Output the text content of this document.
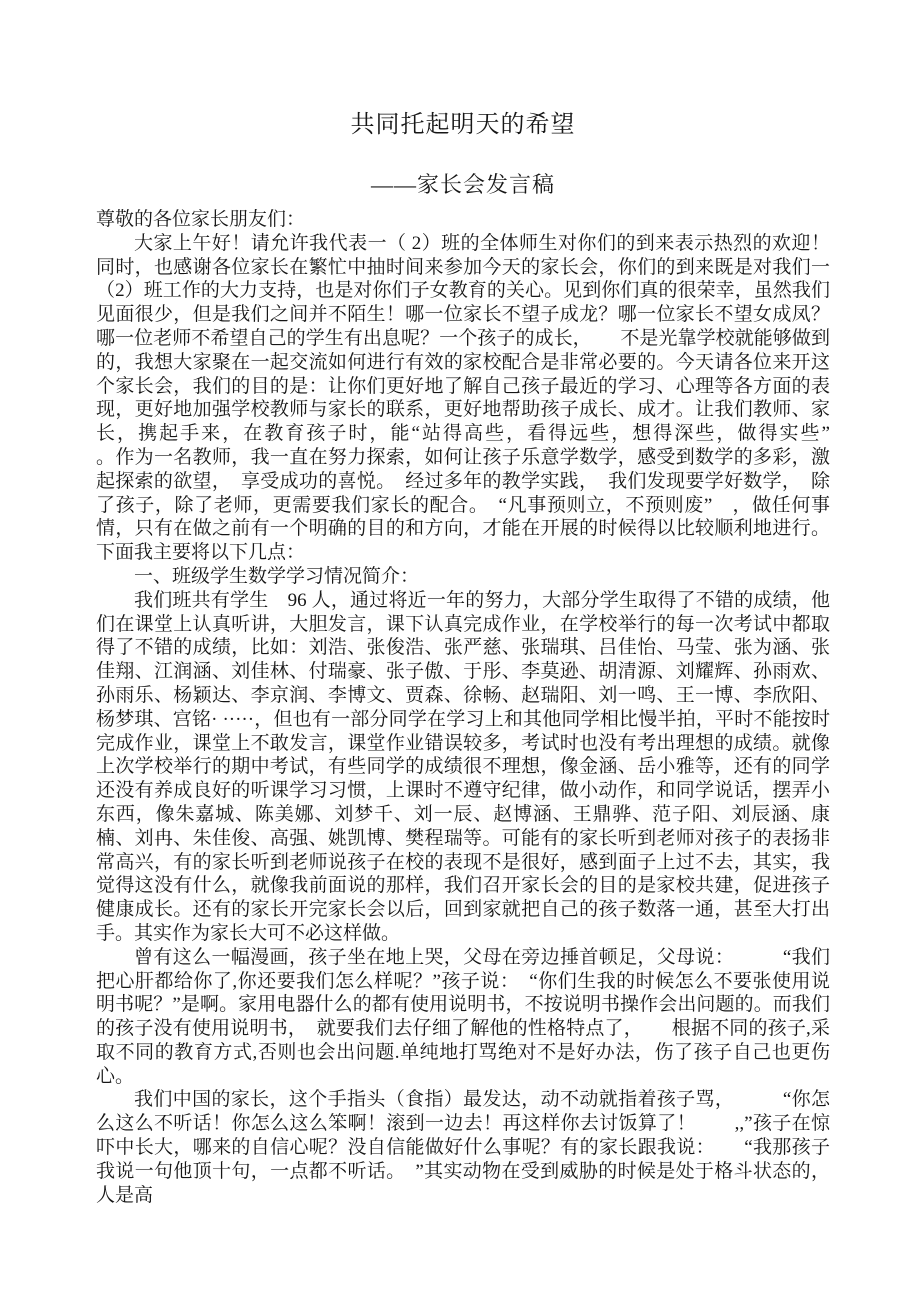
共同托起明天的希望
——家长会发言稿

尊敬的各位家长朋友们：

大家上午好！请允许我代表一（ 2）班的全体师生对你们的到来表示热烈的欢迎！同时，也感谢各位家长在繁忙中抽时间来参加今天的家长会，你们的到来既是对我们一（2）班工作的大力支持，也是对你们子女教育的关心。见到你们真的很荣幸，虽然我们见面很少，但是我们之间并不陌生！哪一位家长不望子成龙？哪一位家长不望女成凤？哪一位老师不希望自己的学生有出息呢？一个孩子的成长，　　不是光靠学校就能够做到的，我想大家聚在一起交流如何进行有效的家校配合是非常必要的。今天请各位来开这个家长会，我们的目的是：让你们更好地了解自己孩子最近的学习、心理等各方面的表现，更好地加强学校教师与家长的联系，更好地帮助孩子成长、成才。让我们教师、家长，携起手来，在教育孩子时，能“站得高些，看得远些，想得深些，做得实些”　　　。作为一名教师，我一直在努力探索，如何让孩子乐意学数学，感受到数学的多彩，激起探索的欲望，　享受成功的喜悦。　经过多年的教学实践，　我们发现要学好数学，　除了孩子，除了老师，更需要我们家长的配合。　“凡事预则立，不预则废”　，做任何事情，只有在做之前有一个明确的目的和方向，才能在开展的时候得以比较顺利地进行。下面我主要将以下几点：

一、班级学生数学学习情况简介：

我们班共有学生　96 人，通过将近一年的努力，大部分学生取得了不错的成绩，他们在课堂上认真听讲，大胆发言，课下认真完成作业，在学校举行的每一次考试中都取得了不错的成绩，比如：刘浩、张俊浩、张严慈、张瑞琪、吕佳怡、马莹、张为涵、张佳翔、江润涵、刘佳林、付瑞豪、张子傲、于彤、李莫逊、胡清源、刘耀辉、孙雨欢、孙雨乐、杨颖达、李京润、李博文、贾森、徐畅、赵瑞阳、刘一鸣、王一博、李欣阳、杨梦琪、宫铭· ·····，但也有一部分同学在学习上和其他同学相比慢半拍，平时不能按时完成作业，课堂上不敢发言，课堂作业错误较多，考试时也没有考出理想的成绩。就像上次学校举行的期中考试，有些同学的成绩很不理想，像金涵、岳小雅等，还有的同学还没有养成良好的听课学习习惯，上课时不遵守纪律，做小动作，和同学说话，摆弄小东西，像朱嘉城、陈美娜、刘梦千、刘一辰、赵博涵、王鼎骅、范子阳、刘辰涵、康楠、刘冉、朱佳俊、高强、姚凯博、樊程瑞等。可能有的家长听到老师对孩子的表扬非常高兴，有的家长听到老师说孩子在校的表现不是很好，感到面子上过不去，其实，我觉得这没有什么，就像我前面说的那样，我们召开家长会的目的是家校共建，促进孩子健康成长。还有的家长开完家长会以后，回到家就把自己的孩子数落一通，甚至大打出手。其实作为家长大可不必这样做。

曾有这么一幅漫画，孩子坐在地上哭，父母在旁边捶首顿足，父母说：　　　“我们把心肝都给你了,你还要我们怎么样呢？”孩子说：　“你们生我的时候怎么不要张使用说明书呢？”是啊。家用电器什么的都有使用说明书，不按说明书操作会出问题的。而我们的孩子没有使用说明书，　就要我们去仔细了解他的性格特点了，　　根据不同的孩子,采取不同的教育方式,否则也会出问题.单纯地打骂绝对不是好办法，伤了孩子自己也更伤心。

我们中国的家长，这个手指头（食指）最发达，动不动就指着孩子骂，　　　“你怎么这么不听话！你怎么这么笨啊！滚到一边去！再这样你去讨饭算了！　　,,”孩子在惊吓中长大，哪来的自信心呢？没自信能做好什么事呢？有的家长跟我说：　　“我那孩子我说一句他顶十句，一点都不听话。　”其实动物在受到威胁的时候是处于格斗状态的，人是高
